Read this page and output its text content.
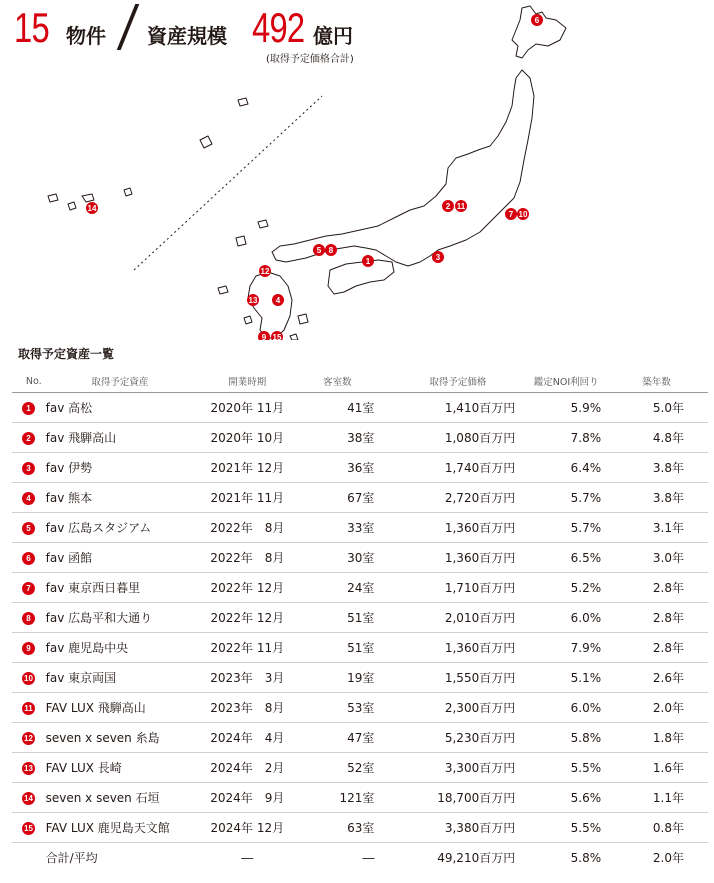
15 物件 資産規模 492 億円
(取得予定価格合計)
6
2 11
7 10
14
5 8
1	3
12
13 4
9 15
取得予定資産一覧
No.	取得予定資産	開業時期	客室数	取得予定価格	鑑定NOI利回り	築年数
1	fav 高松	2020年 11月	41室	1,410百万円	5.9%	5.0年
2	fav 飛騨高山	2020年 10月	38室	1,080百万円	7.8%	4.8年
3	fav 伊勢	2021年 12月	36室	1,740百万円	6.4%	3.8年
4	fav 熊本	2021年 11月	67室	2,720百万円	5.7%	3.8年
5	fav 広島スタジアム	2022年　8月	33室	1,360百万円	5.7%	3.1年
6	fav 函館	2022年　8月	30室	1,360百万円	6.5%	3.0年
7	fav 東京西日暮里	2022年 12月	24室	1,710百万円	5.2%	2.8年
8	fav 広島平和大通り	2022年 12月	51室	2,010百万円	6.0%	2.8年
9	fav 鹿児島中央	2022年 11月	51室	1,360百万円	7.9%	2.8年
10	fav 東京両国	2023年　3月	19室	1,550百万円	5.1%	2.6年
11	FAV LUX 飛騨高山	2023年　8月	53室	2,300百万円	6.0%	2.0年
12	seven x seven 糸島	2024年　4月	47室	5,230百万円	5.8%	1.8年
13	FAV LUX 長崎	2024年　2月	52室	3,300百万円	5.5%	1.6年
14	seven x seven 石垣	2024年　9月	121室	18,700百万円	5.6%	1.1年
15	FAV LUX 鹿児島天文館	2024年 12月	63室	3,380百万円	5.5%	0.8年
	合計/平均	―	―	49,210百万円	5.8%	2.0年
